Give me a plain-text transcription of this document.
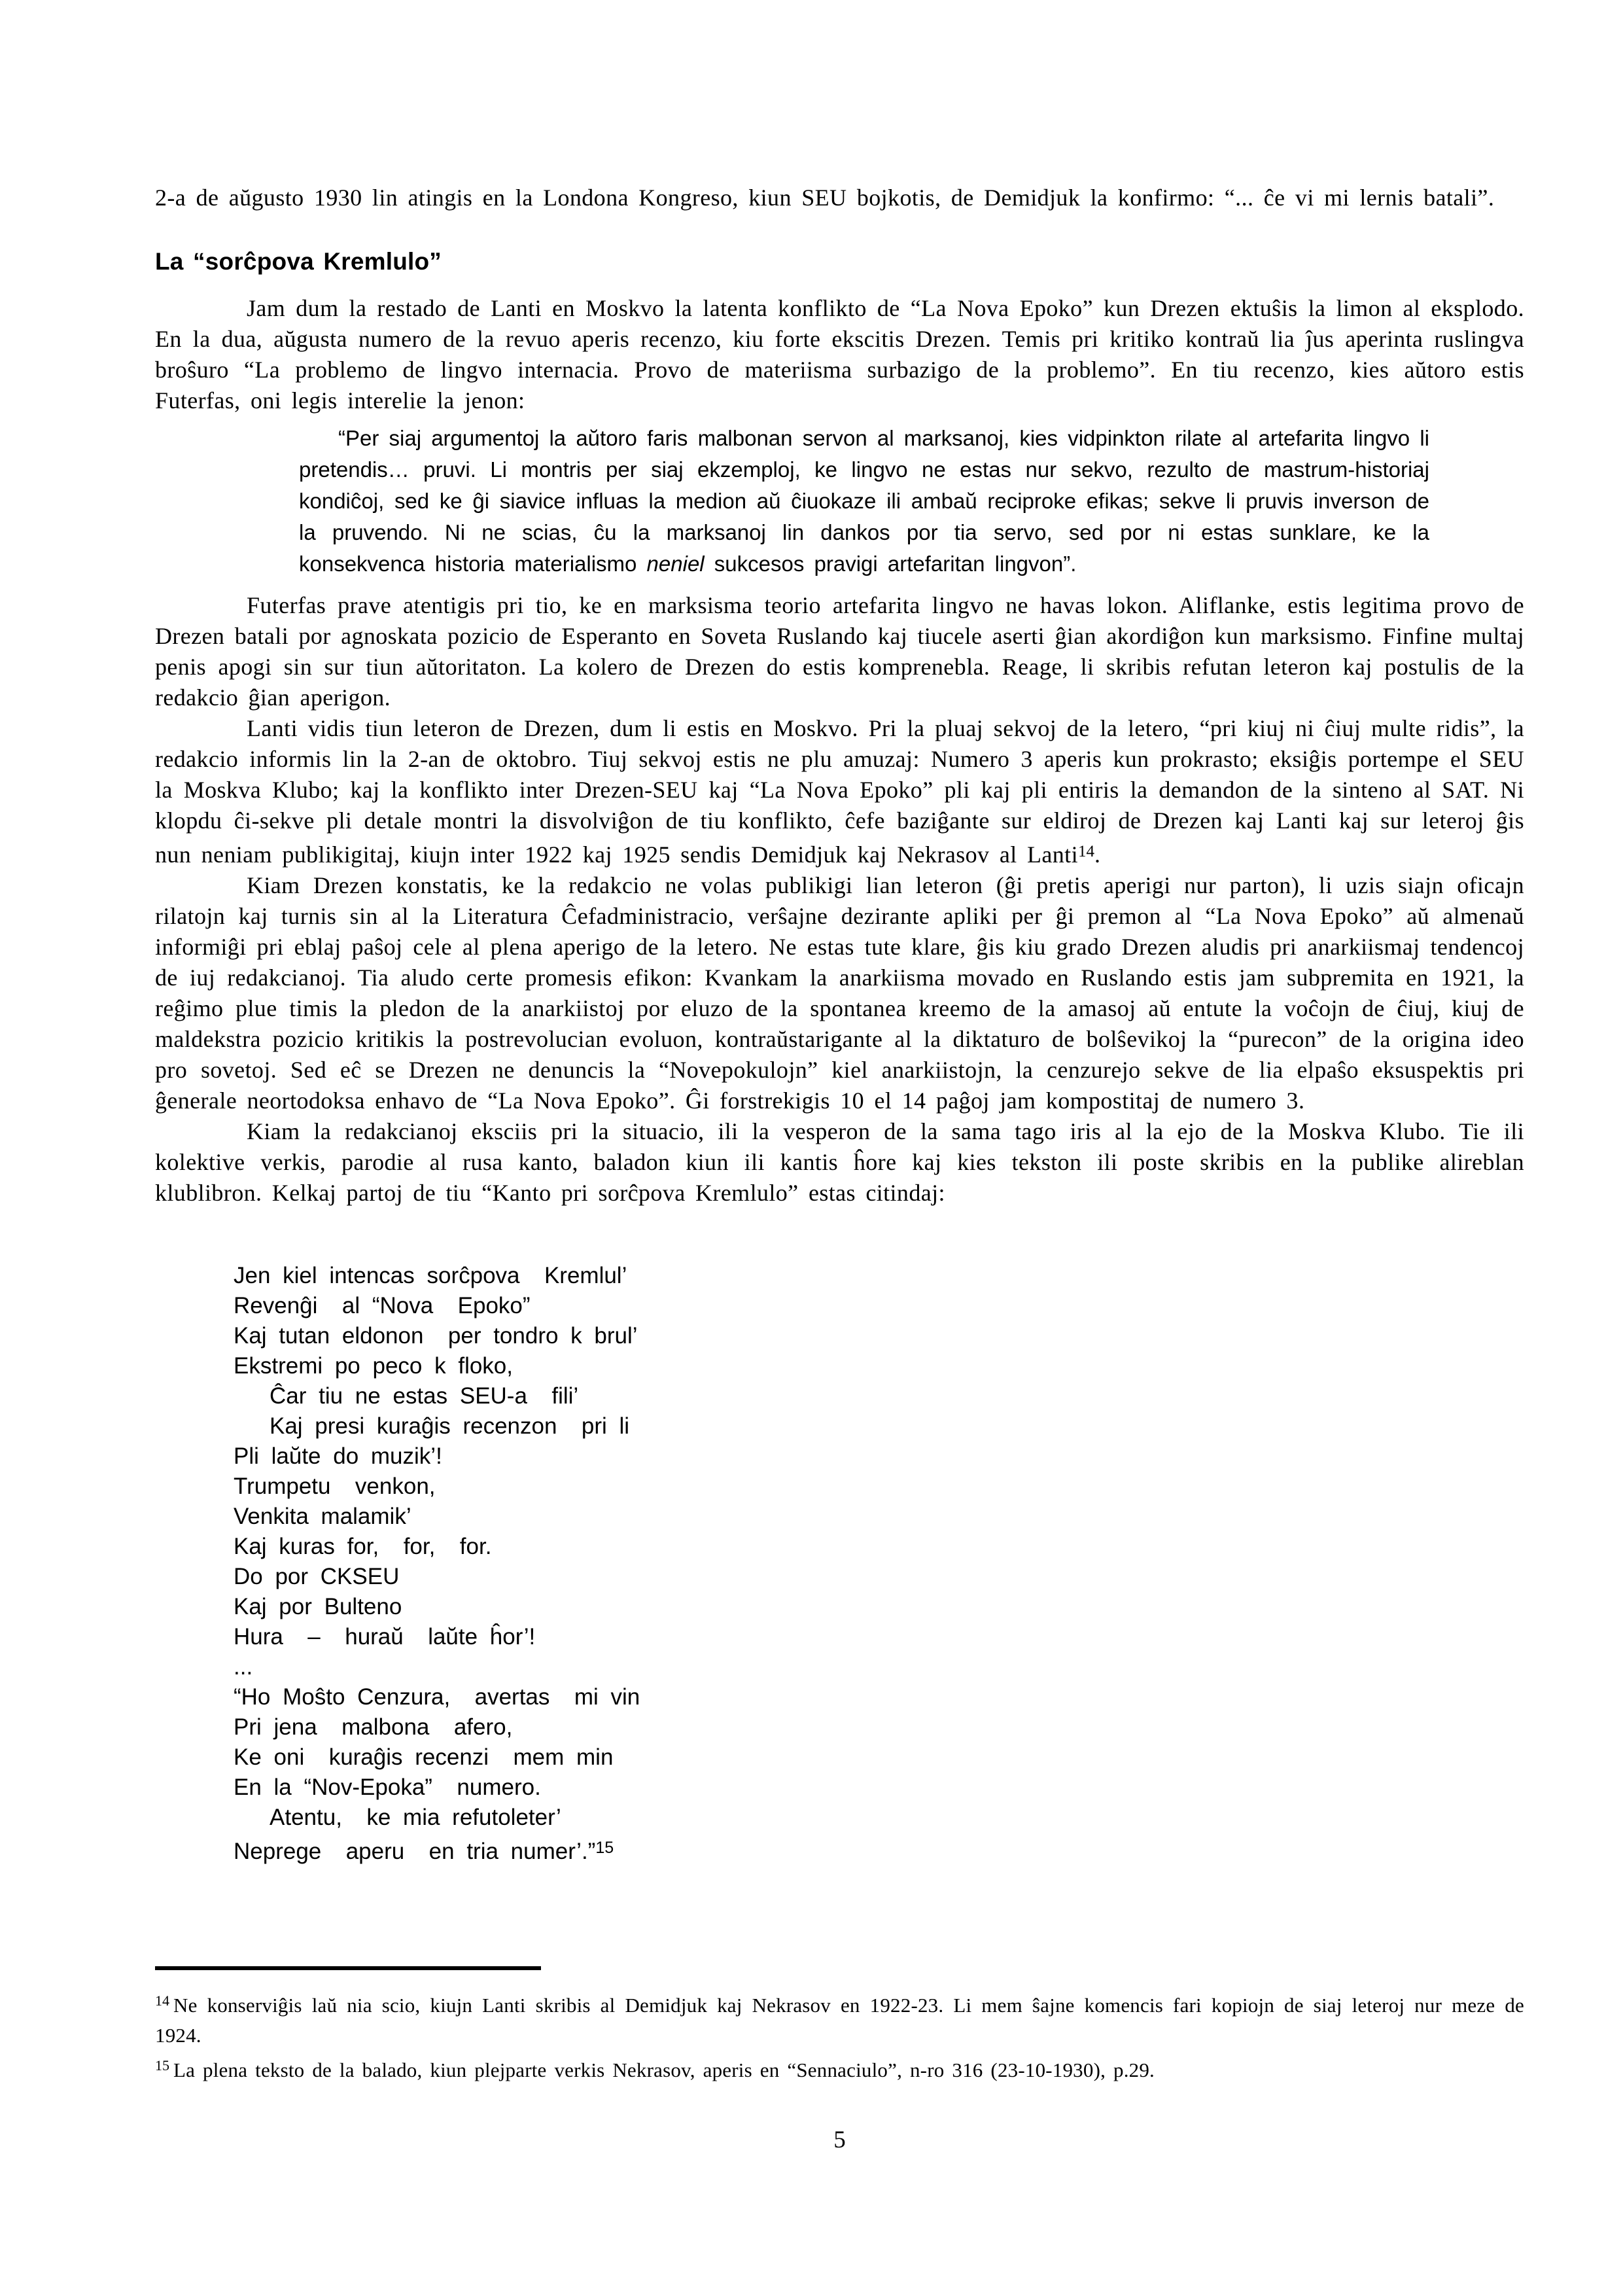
2-a de aŭgusto 1930 lin atingis en la Londona Kongreso, kiun SEU bojkotis, de Demidjuk la konfirmo: “... ĉe vi mi lernis batali”.

La “sorĉpova Kremlulo”

Jam dum la restado de Lanti en Moskvo la latenta konflikto de “La Nova Epoko” kun Drezen ektuŝis la limon al eksplodo. En la dua, aŭgusta numero de la revuo aperis recenzo, kiu forte ekscitis Drezen. Temis pri kritiko kontraŭ lia ĵus aperinta ruslingva broŝuro “La problemo de lingvo internacia. Provo de materiisma surbazigo de la problemo”. En tiu recenzo, kies aŭtoro estis Futerfas, oni legis interelie la jenon:

“Per siaj argumentoj la aŭtoro faris malbonan servon al marksanoj, kies vidpinkton rilate al artefarita lingvo li pretendis… pruvi. Li montris per siaj ekzemploj, ke lingvo ne estas nur sekvo, rezulto de mastrum-historiaj kondiĉoj, sed ke ĝi siavice influas la medion aŭ ĉiuokaze ili ambaŭ reciproke efikas; sekve li pruvis inverson de la pruvendo. Ni ne scias, ĉu la marksanoj lin dankos por tia servo, sed por ni estas sunklare, ke la konsekvenca historia materialismo neniel sukcesos pravigi artefaritan lingvon”.

Futerfas prave atentigis pri tio, ke en marksisma teorio artefarita lingvo ne havas lokon. Aliflanke, estis legitima provo de Drezen batali por agnoskata pozicio de Esperanto en Soveta Ruslando kaj tiucele aserti ĝian akordiĝon kun marksismo. Finfine multaj penis apogi sin sur tiun aŭtoritaton. La kolero de Drezen do estis komprenebla. Reage, li skribis refutan leteron kaj postulis de la redakcio ĝian aperigon.

Lanti vidis tiun leteron de Drezen, dum li estis en Moskvo. Pri la pluaj sekvoj de la letero, “pri kiuj ni ĉiuj multe ridis”, la redakcio informis lin la 2-an de oktobro. Tiuj sekvoj estis ne plu amuzaj: Numero 3 aperis kun prokrasto; eksiĝis portempe el SEU la Moskva Klubo; kaj la konflikto inter Drezen-SEU kaj “La Nova Epoko” pli kaj pli entiris la demandon de la sinteno al SAT. Ni klopdu ĉi-sekve pli detale montri la disvolviĝon de tiu konflikto, ĉefe baziĝante sur eldiroj de Drezen kaj Lanti kaj sur leteroj ĝis nun neniam publikigitaj, kiujn inter 1922 kaj 1925 sendis Demidjuk kaj Nekrasov al Lanti$^{14}$.

Kiam Drezen konstatis, ke la redakcio ne volas publikigi lian leteron (ĝi pretis aperigi nur parton), li uzis siajn oficajn rilatojn kaj turnis sin al la Literatura Ĉefadministracio, verŝajne dezirante apliki per ĝi premon al “La Nova Epoko” aŭ almenaŭ informiĝi pri eblaj paŝoj cele al plena aperigo de la letero. Ne estas tute klare, ĝis kiu grado Drezen aludis pri anarkiismaj tendencoj de iuj redakcianoj. Tia aludo certe promesis efikon: Kvankam la anarkiisma movado en Ruslando estis jam subpremita en 1921, la reĝimo plue timis la pledon de la anarkiistoj por eluzo de la spontanea kreemo de la amasoj aŭ entute la voĉojn de ĉiuj, kiuj de maldekstra pozicio kritikis la postrevolucian evoluon, kontraŭstarigante al la diktaturo de bolŝevikoj la “purecon” de la origina ideo pro sovetoj. Sed eĉ se Drezen ne denuncis la “Novepokulojn” kiel anarkiistojn, la cenzurejo sekve de lia elpaŝo eksuspektis pri ĝenerale neortodoksa enhavo de “La Nova Epoko”. Ĝi forstrekigis 10 el 14 paĝoj jam kompostitaj de numero 3.

Kiam la redakcianoj eksciis pri la situacio, ili la vesperon de la sama tago iris al la ejo de la Moskva Klubo. Tie ili kolektive verkis, parodie al rusa kanto, baladon kiun ili kantis ĥore kaj kies tekston ili poste skribis en la publike alireblan klublibron. Kelkaj partoj de tiu “Kanto pri sorĉpova Kremlulo” estas citindaj:

Jen kiel intencas sorĉpova  Kremlul’
Revenĝi  al “Nova  Epoko”
Kaj tutan eldonon  per tondro k brul’
Ekstremi po peco k floko,
Ĉar tiu ne estas SEU-a  fili’
Kaj presi kuraĝis recenzon  pri li
Pli laŭte do muzik’!
Trumpetu  venkon,
Venkita malamik’
Kaj kuras for,  for,  for.
Do por CKSEU
Kaj por Bulteno
Hura  –  huraŭ  laŭte ĥor’!
...
“Ho Moŝto Cenzura,  avertas  mi vin
Pri jena  malbona  afero,
Ke oni  kuraĝis recenzi  mem min
En la “Nov-Epoka”  numero.
Atentu,  ke mia refutoleter’
Neprege  aperu  en tria numer’.”$^{15}$

$^{14}$ Ne konserviĝis laŭ nia scio, kiujn Lanti skribis al Demidjuk kaj Nekrasov en 1922-23. Li mem ŝajne komencis fari kopiojn de siaj leteroj nur meze de 1924.

$^{15}$ La plena teksto de la balado, kiun plejparte verkis Nekrasov, aperis en “Sennaciulo”, n-ro 316 (23-10-1930), p.29.

5
